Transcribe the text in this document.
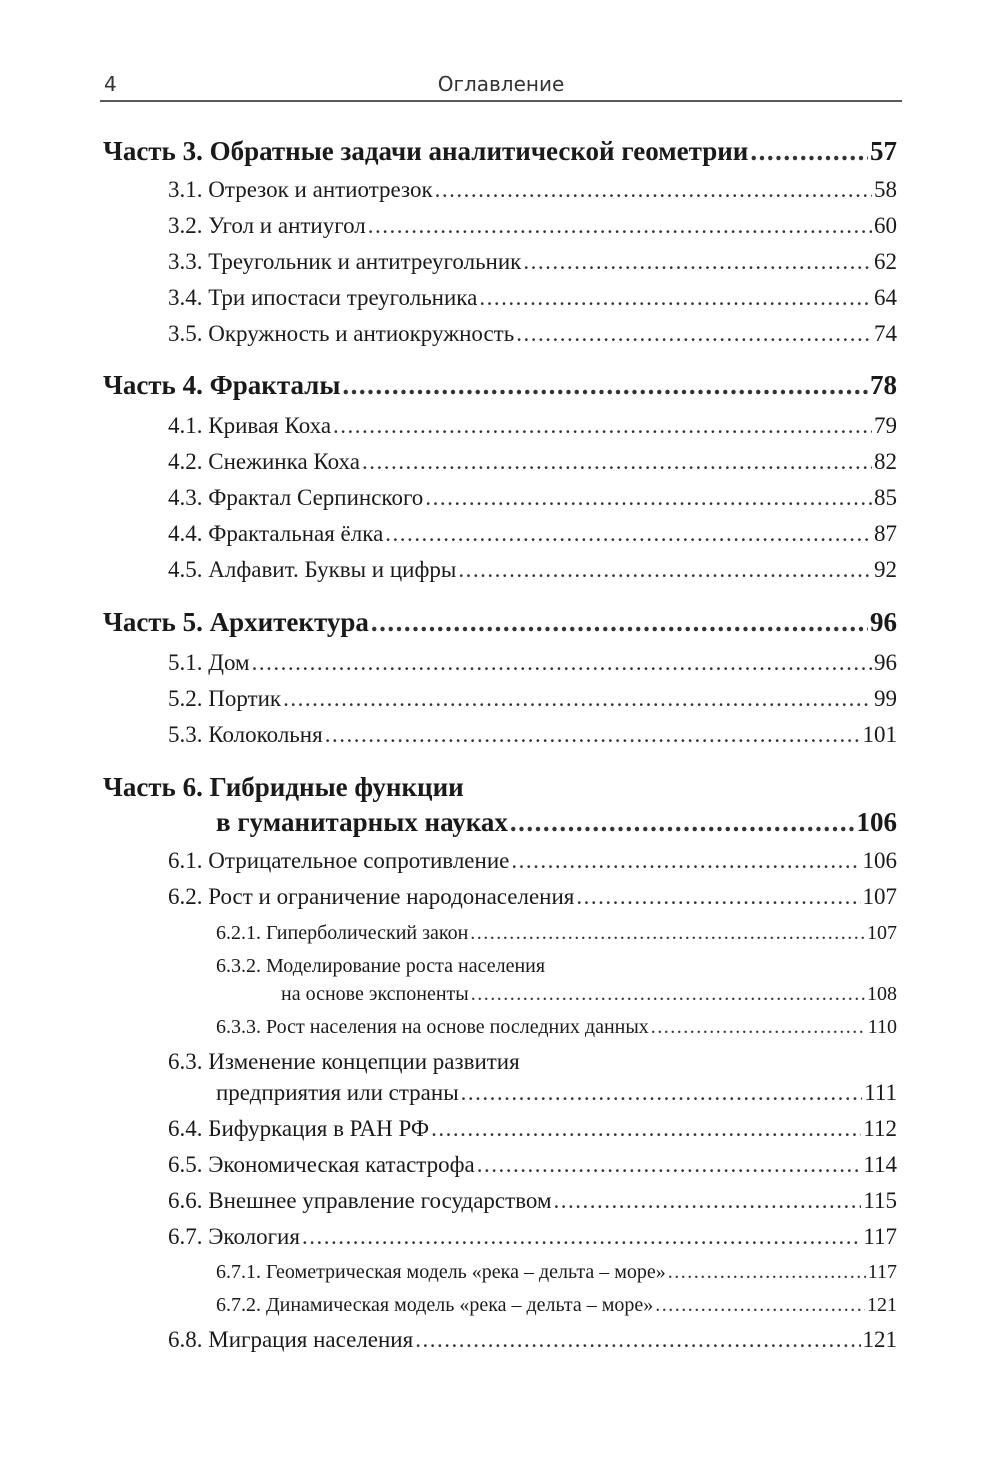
4	Оглавление
Часть 3. Обратные задачи аналитической геометрии .....	57
3.1. Отрезок и антиотрезок .....	58
3.2. Угол и антиугол .....	60
3.3. Треугольник и антитреугольник .....	62
3.4. Три ипостаси треугольника .....	64
3.5. Окружность и антиокружность .....	74
Часть 4. Фракталы .....	78
4.1. Кривая Коха .....	79
4.2. Снежинка Коха .....	82
4.3. Фрактал Серпинского .....	85
4.4. Фрактальная ёлка .....	87
4.5. Алфавит. Буквы и цифры .....	92
Часть 5. Архитектура .....	96
5.1. Дом .....	96
5.2. Портик .....	99
5.3. Колокольня .....	101
Часть 6. Гибридные функции
в гуманитарных науках .....	106
6.1. Отрицательное сопротивление .....	106
6.2. Рост и ограничение народонаселения .....	107
6.2.1. Гиперболический закон .....	107
6.3.2. Моделирование роста населения
на основе экспоненты .....	108
6.3.3. Рост населения на основе последних данных .....	110
6.3. Изменение концепции развития
предприятия или страны .....	111
6.4. Бифуркация в РАН РФ .....	112
6.5. Экономическая катастрофа .....	114
6.6. Внешнее управление государством .....	115
6.7. Экология .....	117
6.7.1. Геометрическая модель «река – дельта – море» .....	117
6.7.2. Динамическая модель «река – дельта – море» .....	121
6.8. Миграция населения .....	121
